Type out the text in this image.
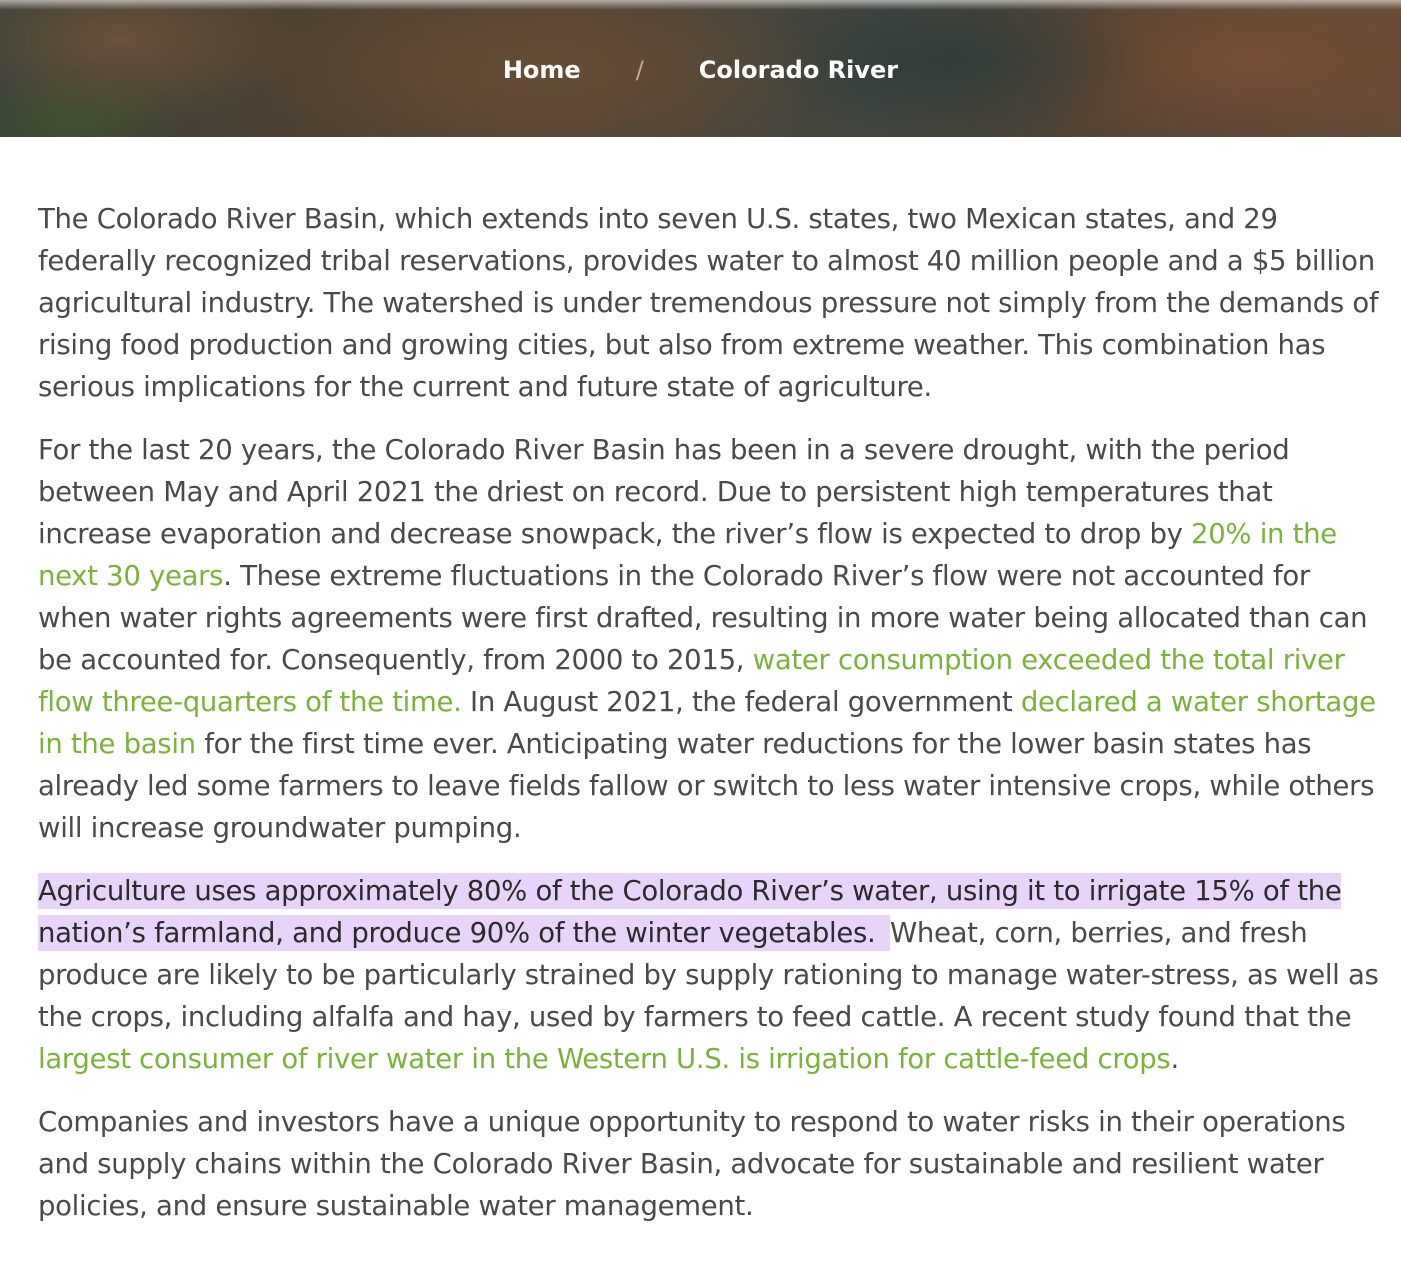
Home / Colorado River

The Colorado River Basin, which extends into seven U.S. states, two Mexican states, and 29 federally recognized tribal reservations, provides water to almost 40 million people and a $5 billion agricultural industry. The watershed is under tremendous pressure not simply from the demands of rising food production and growing cities, but also from extreme weather. This combination has serious implications for the current and future state of agriculture.

For the last 20 years, the Colorado River Basin has been in a severe drought, with the period between May and April 2021 the driest on record. Due to persistent high temperatures that increase evaporation and decrease snowpack, the river’s flow is expected to drop by 20% in the next 30 years. These extreme fluctuations in the Colorado River’s flow were not accounted for when water rights agreements were first drafted, resulting in more water being allocated than can be accounted for. Consequently, from 2000 to 2015, water consumption exceeded the total river flow three-quarters of the time. In August 2021, the federal government declared a water shortage in the basin for the first time ever. Anticipating water reductions for the lower basin states has already led some farmers to leave fields fallow or switch to less water intensive crops, while others will increase groundwater pumping.

Agriculture uses approximately 80% of the Colorado River’s water, using it to irrigate 15% of the nation’s farmland, and produce 90% of the winter vegetables. Wheat, corn, berries, and fresh produce are likely to be particularly strained by supply rationing to manage water-stress, as well as the crops, including alfalfa and hay, used by farmers to feed cattle. A recent study found that the largest consumer of river water in the Western U.S. is irrigation for cattle-feed crops.

Companies and investors have a unique opportunity to respond to water risks in their operations and supply chains within the Colorado River Basin, advocate for sustainable and resilient water policies, and ensure sustainable water management.
